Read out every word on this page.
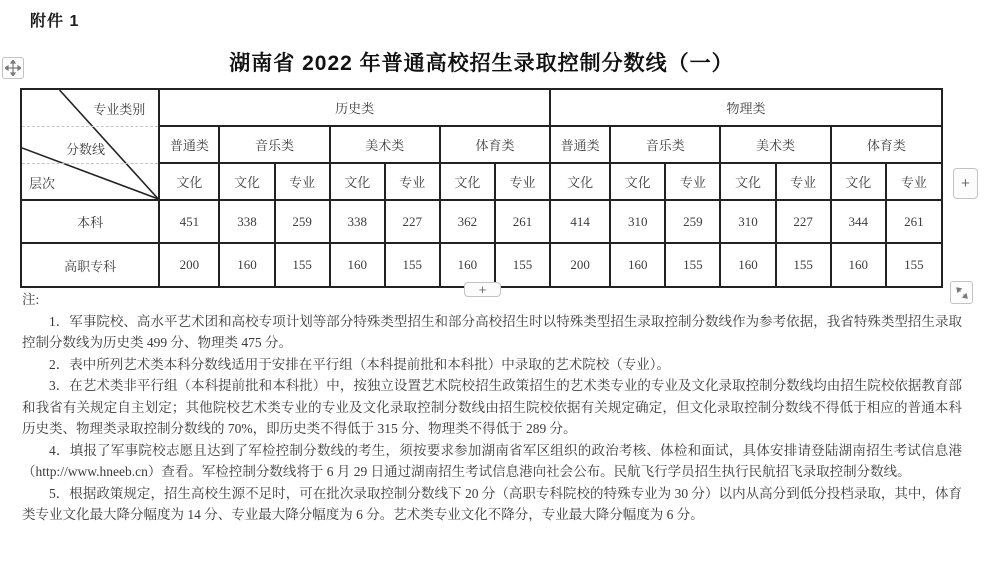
附件 1
湖南省 2022 年普通高校招生录取控制分数线（一）
专业类别
分数线
层次	历史类							物理类						
	普通类	音乐类		美术类		体育类		普通类	音乐类		美术类		体育类	
	文化	文化	专业	文化	专业	文化	专业	文化	文化	专业	文化	专业	文化	专业
本科	451	338	259	338	227	362	261	414	310	259	310	227	344	261
高职专科	200	160	155	160	155	160	155	200	160	155	160	155	160	155
+
+

注:

1．军事院校、高水平艺术团和高校专项计划等部分特殊类型招生和部分高校招生时以特殊类型招生录取控制分数线作为参考依据，我省特殊类型招生录取控制分数线为历史类 499 分、物理类 475 分。

2．表中所列艺术类本科分数线适用于安排在平行组（本科提前批和本科批）中录取的艺术院校（专业）。

3．在艺术类非平行组（本科提前批和本科批）中，按独立设置艺术院校招生政策招生的艺术类专业的专业及文化录取控制分数线均由招生院校依据教育部和我省有关规定自主划定；其他院校艺术类专业的专业及文化录取控制分数线由招生院校依据有关规定确定，但文化录取控制分数线不得低于相应的普通本科历史类、物理类录取控制分数线的 70%，即历史类不得低于 315 分、物理类不得低于 289 分。

4．填报了军事院校志愿且达到了军检控制分数线的考生，须按要求参加湖南省军区组织的政治考核、体检和面试，具体安排请登陆湖南招生考试信息港（http://www.hneeb.cn）查看。军检控制分数线将于 6 月 29 日通过湖南招生考试信息港向社会公布。民航飞行学员招生执行民航招飞录取控制分数线。

5．根据政策规定，招生高校生源不足时，可在批次录取控制分数线下 20 分（高职专科院校的特殊专业为 30 分）以内从高分到低分投档录取，其中，体育类专业文化最大降分幅度为 14 分、专业最大降分幅度为 6 分。艺术类专业文化不降分，专业最大降分幅度为 6 分。
